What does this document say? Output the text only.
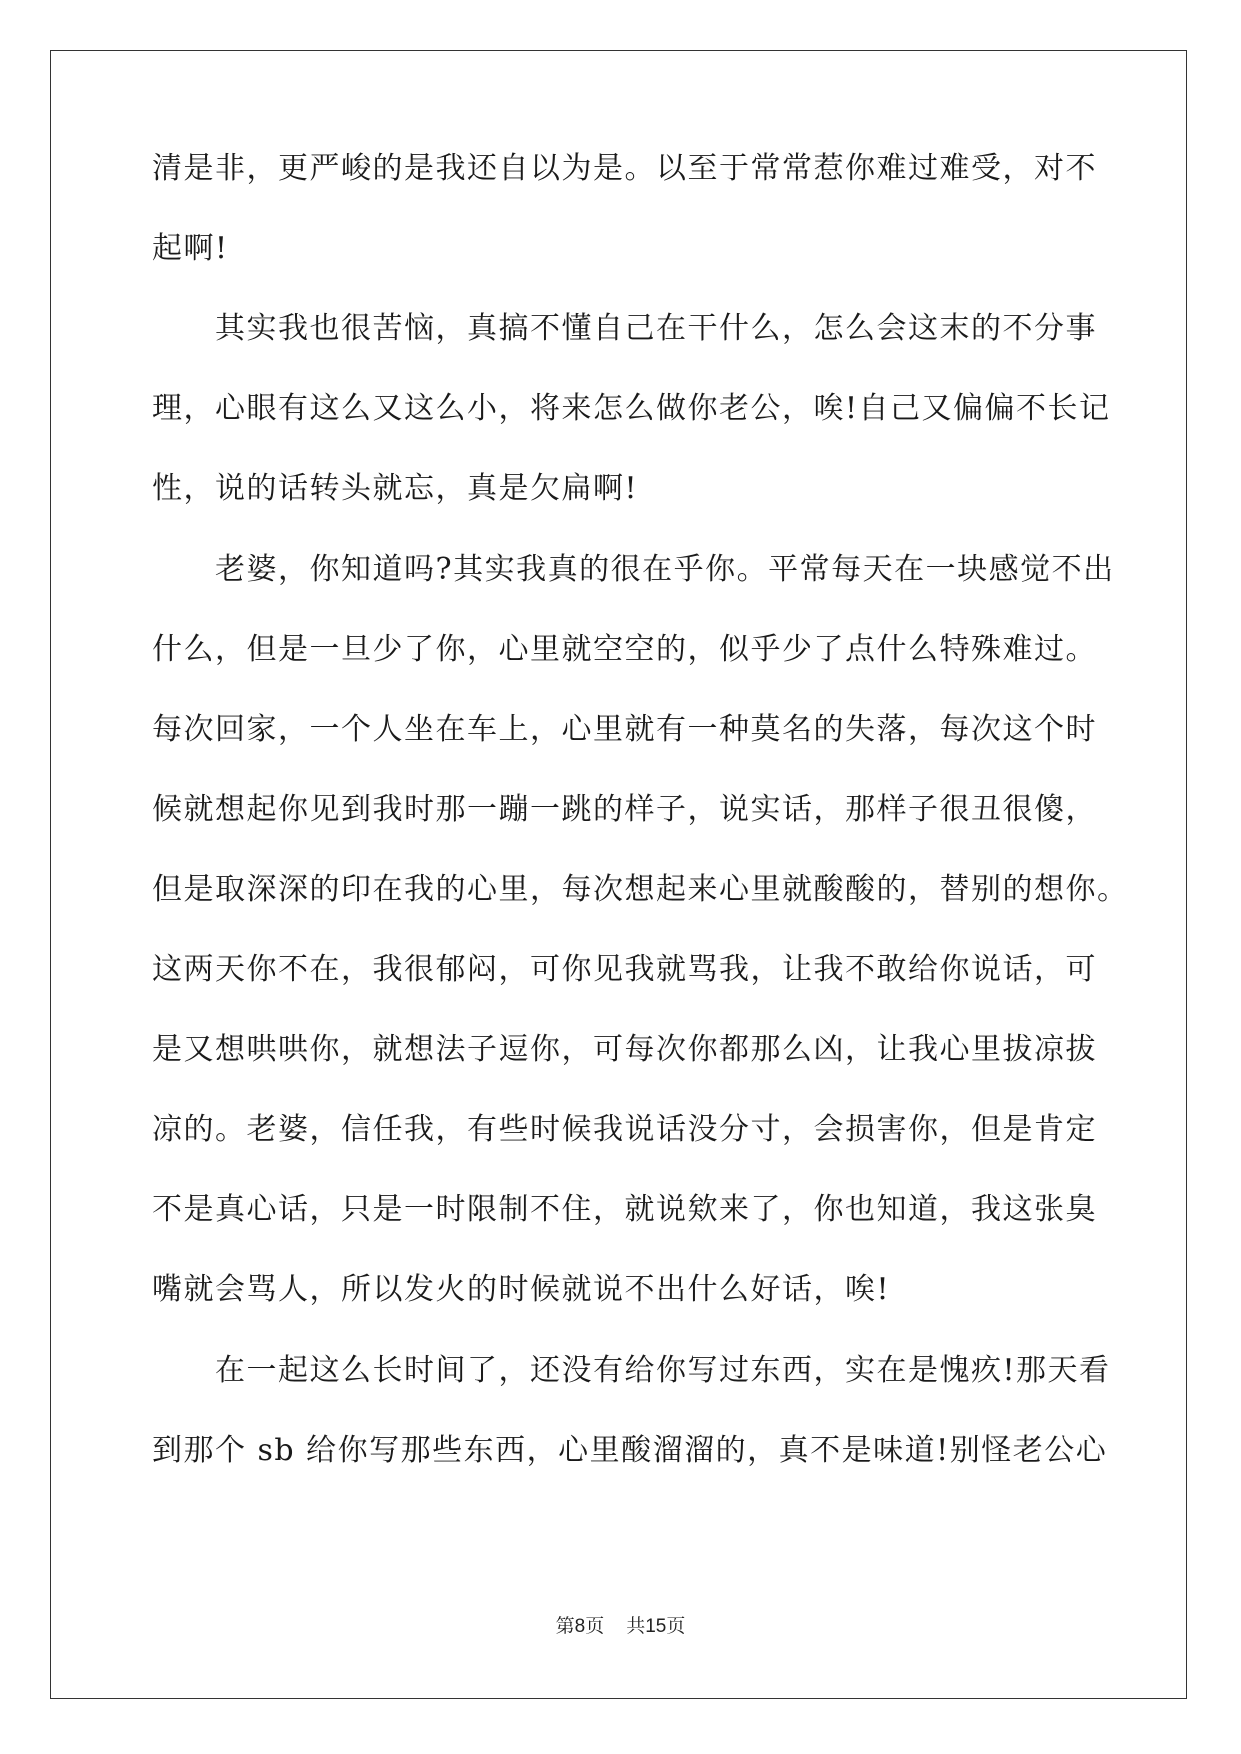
清是非，更严峻的是我还自以为是。以至于常常惹你难过难受，对不
起啊!
其实我也很苦恼，真搞不懂自己在干什么，怎么会这末的不分事
理，心眼有这么又这么小，将来怎么做你老公，唉!自己又偏偏不长记
性，说的话转头就忘，真是欠扁啊!
老婆，你知道吗?其实我真的很在乎你。平常每天在一块感觉不出
什么，但是一旦少了你，心里就空空的，似乎少了点什么特殊难过。
每次回家，一个人坐在车上，心里就有一种莫名的失落，每次这个时
候就想起你见到我时那一蹦一跳的样子，说实话，那样子很丑很傻，
但是取深深的印在我的心里，每次想起来心里就酸酸的，替别的想你。
这两天你不在，我很郁闷，可你见我就骂我，让我不敢给你说话，可
是又想哄哄你，就想法子逗你，可每次你都那么凶，让我心里拔凉拔
凉的。老婆，信任我，有些时候我说话没分寸，会损害你，但是肯定
不是真心话，只是一时限制不住，就说欸来了，你也知道，我这张臭
嘴就会骂人，所以发火的时候就说不出什么好话，唉!
在一起这么长时间了，还没有给你写过东西，实在是愧疚!那天看
到那个 sb 给你写那些东西，心里酸溜溜的，真不是味道!别怪老公心
第8页 共15页
